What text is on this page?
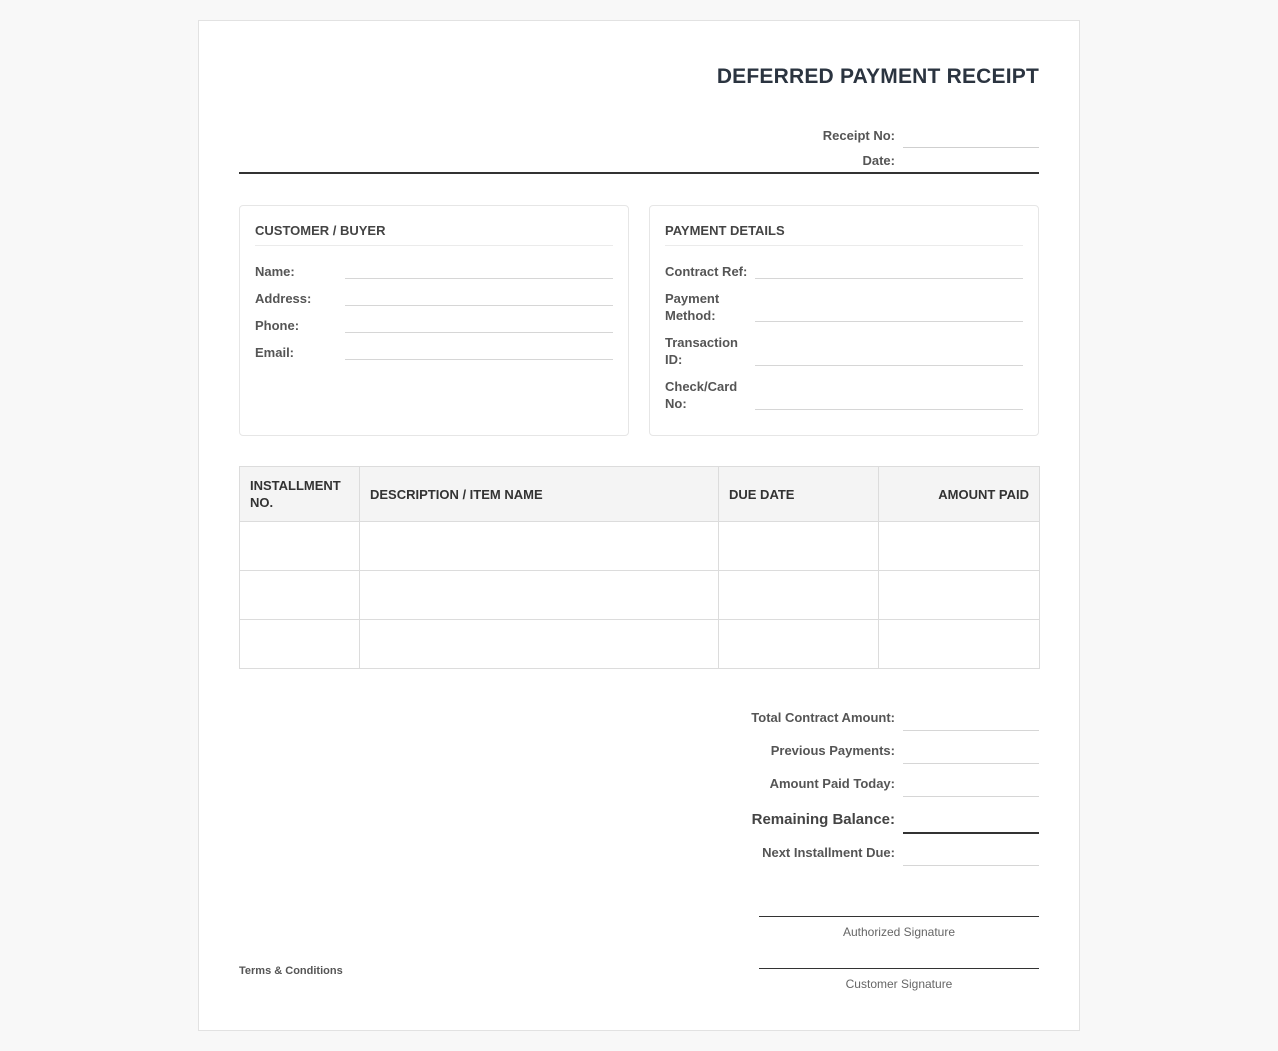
DEFERRED PAYMENT RECEIPT
Receipt No:
Date:
CUSTOMER / BUYER
Name:
Address:
Phone:
Email:
PAYMENT DETAILS
Contract Ref:
Payment Method:
Transaction ID:
Check/Card No:
INSTALLMENT NO.	DESCRIPTION / ITEM NAME	DUE DATE	AMOUNT PAID

Total Contract Amount:
Previous Payments:
Amount Paid Today:
Remaining Balance:
Next Installment Due:
Authorized Signature
Customer Signature
Terms & Conditions
